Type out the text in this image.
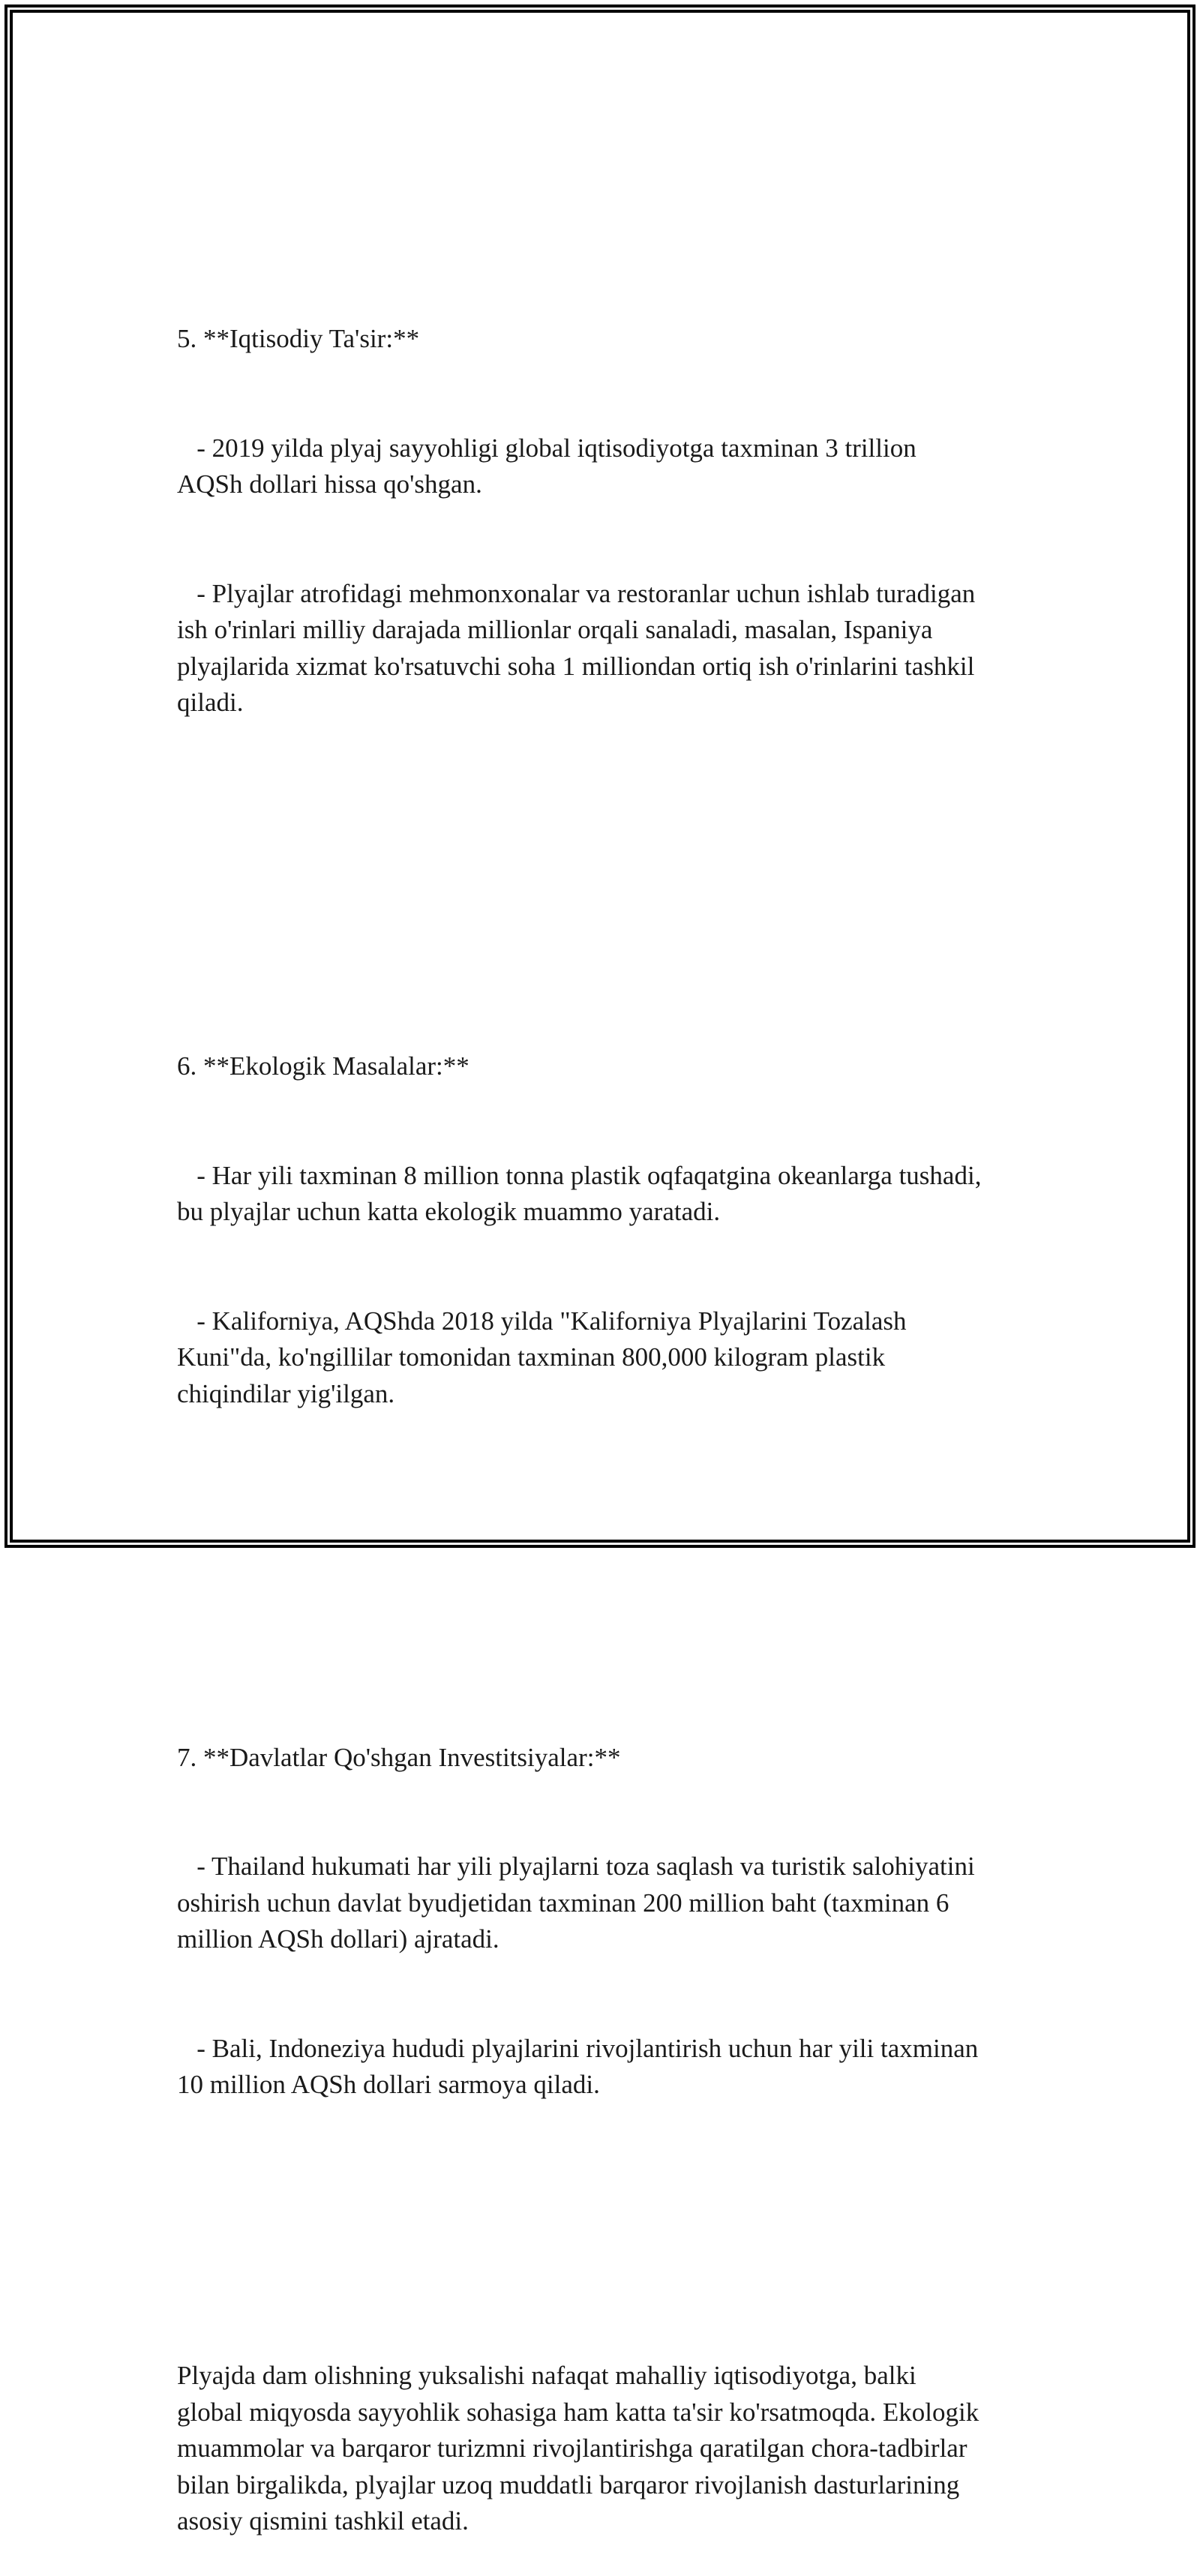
5. **Iqtisodiy Ta'sir:**

- 2019 yilda plyaj sayyohligi global iqtisodiyotga taxminan 3 trillion
AQSh dollari hissa qo'shgan.

- Plyajlar atrofidagi mehmonxonalar va restoranlar uchun ishlab turadigan
ish o'rinlari milliy darajada millionlar orqali sanaladi, masalan, Ispaniya
plyajlarida xizmat ko'rsatuvchi soha 1 milliondan ortiq ish o'rinlarini tashkil
qiladi.

6. **Ekologik Masalalar:**

- Har yili taxminan 8 million tonna plastik oqfaqatgina okeanlarga tushadi,
bu plyajlar uchun katta ekologik muammo yaratadi.

- Kaliforniya, AQShda 2018 yilda "Kaliforniya Plyajlarini Tozalash
Kuni"da, ko'ngillilar tomonidan taxminan 800,000 kilogram plastik
chiqindilar yig'ilgan.

7. **Davlatlar Qo'shgan Investitsiyalar:**

- Thailand hukumati har yili plyajlarni toza saqlash va turistik salohiyatini
oshirish uchun davlat byudjetidan taxminan 200 million baht (taxminan 6
million AQSh dollari) ajratadi.

- Bali, Indoneziya hududi plyajlarini rivojlantirish uchun har yili taxminan
10 million AQSh dollari sarmoya qiladi.

Plyajda dam olishning yuksalishi nafaqat mahalliy iqtisodiyotga, balki
global miqyosda sayyohlik sohasiga ham katta ta'sir ko'rsatmoqda. Ekologik
muammolar va barqaror turizmni rivojlantirishga qaratilgan chora-tadbirlar
bilan birgalikda, plyajlar uzoq muddatli barqaror rivojlanish dasturlarining
asosiy qismini tashkil etadi.
